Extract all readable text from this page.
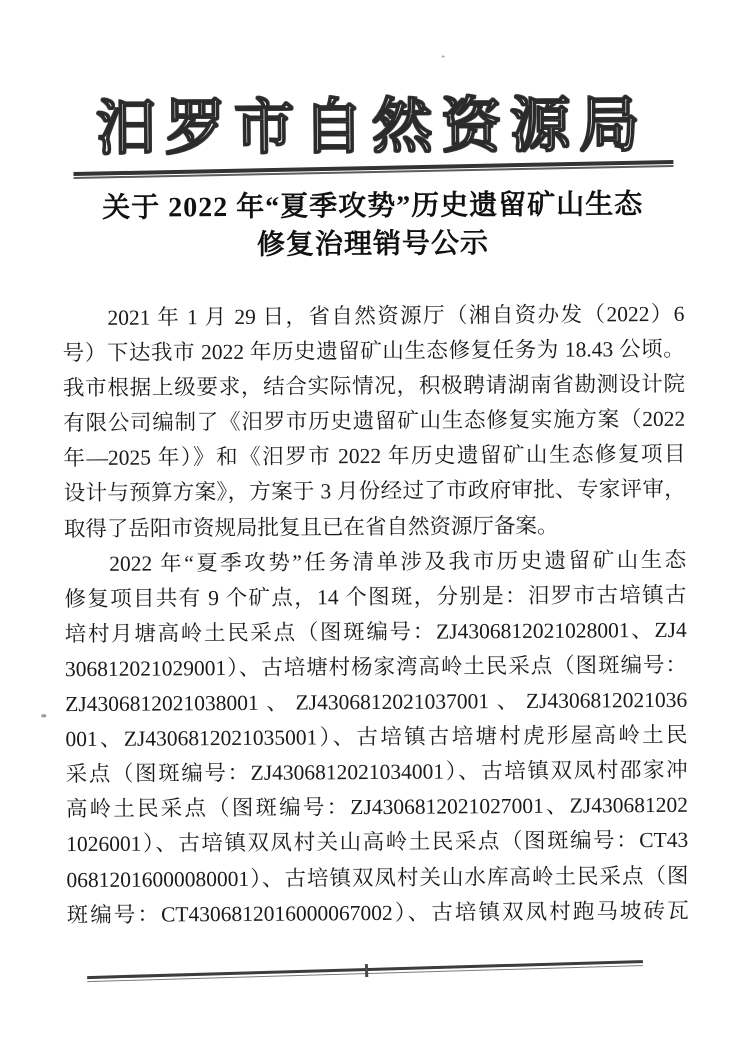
汨罗市自然资源局
关于 2022 年“夏季攻势”历史遗留矿山生态
修复治理销号公示
2021 年 1 月 29 日，省自然资源厅（湘自资办发（2022）6
号）下达我市 2022 年历史遗留矿山生态修复任务为 18.43 公顷。
我市根据上级要求，结合实际情况，积极聘请湖南省勘测设计院
有限公司编制了《汨罗市历史遗留矿山生态修复实施方案（2022
年—2025 年）》和《汨罗市 2022 年历史遗留矿山生态修复项目
设计与预算方案》，方案于 3 月份经过了市政府审批、专家评审，
取得了岳阳市资规局批复且已在省自然资源厅备案。
2022 年“夏季攻势”任务清单涉及我市历史遗留矿山生态
修复项目共有 9 个矿点，14 个图斑，分别是：汨罗市古培镇古
培村月塘高岭土民采点（图斑编号：ZJ4306812021028001、ZJ4
306812021029001）、古培塘村杨家湾高岭土民采点（图斑编号：
ZJ4306812021038001、ZJ4306812021037001、ZJ4306812021036
001、ZJ4306812021035001）、古培镇古培塘村虎形屋高岭土民
采点（图斑编号：ZJ4306812021034001）、古培镇双凤村邵家冲
高岭土民采点（图斑编号：ZJ4306812021027001、ZJ430681202
1026001）、古培镇双凤村关山高岭土民采点（图斑编号：CT43
06812016000080001）、古培镇双凤村关山水库高岭土民采点（图
斑编号：CT4306812016000067002）、古培镇双凤村跑马坡砖瓦
